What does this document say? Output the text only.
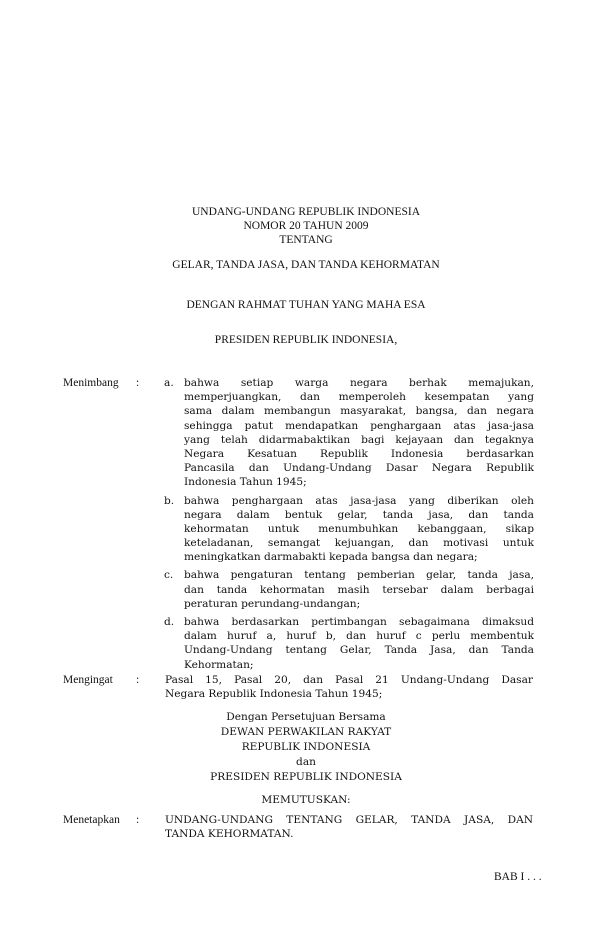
UNDANG-UNDANG REPUBLIK INDONESIA
NOMOR 20 TAHUN 2009
TENTANG
GELAR, TANDA JASA, DAN TANDA KEHORMATAN
DENGAN RAHMAT TUHAN YANG MAHA ESA
PRESIDEN REPUBLIK INDONESIA,
Menimbang : a. bahwa setiap warga negara berhak memajukan,
memperjuangkan, dan memperoleh kesempatan yang
sama dalam membangun masyarakat, bangsa, dan negara
sehingga patut mendapatkan penghargaan atas jasa-jasa
yang telah didarmabaktikan bagi kejayaan dan tegaknya
Negara Kesatuan Republik Indonesia berdasarkan
Pancasila dan Undang-Undang Dasar Negara Republik
Indonesia Tahun 1945;
b. bahwa penghargaan atas jasa-jasa yang diberikan oleh
negara dalam bentuk gelar, tanda jasa, dan tanda
kehormatan untuk menumbuhkan kebanggaan, sikap
keteladanan, semangat kejuangan, dan motivasi untuk
meningkatkan darmabakti kepada bangsa dan negara;
c. bahwa pengaturan tentang pemberian gelar, tanda jasa,
dan tanda kehormatan masih tersebar dalam berbagai
peraturan perundang-undangan;
d. bahwa berdasarkan pertimbangan sebagaimana dimaksud
dalam huruf a, huruf b, dan huruf c perlu membentuk
Undang-Undang tentang Gelar, Tanda Jasa, dan Tanda
Kehormatan;
Mengingat : Pasal 15, Pasal 20, dan Pasal 21 Undang-Undang Dasar
Negara Republik Indonesia Tahun 1945;
Dengan Persetujuan Bersama
DEWAN PERWAKILAN RAKYAT
REPUBLIK INDONESIA
dan
PRESIDEN REPUBLIK INDONESIA
MEMUTUSKAN:
Menetapkan : UNDANG-UNDANG TENTANG GELAR, TANDA JASA, DAN
TANDA KEHORMATAN.
BAB I . . .
